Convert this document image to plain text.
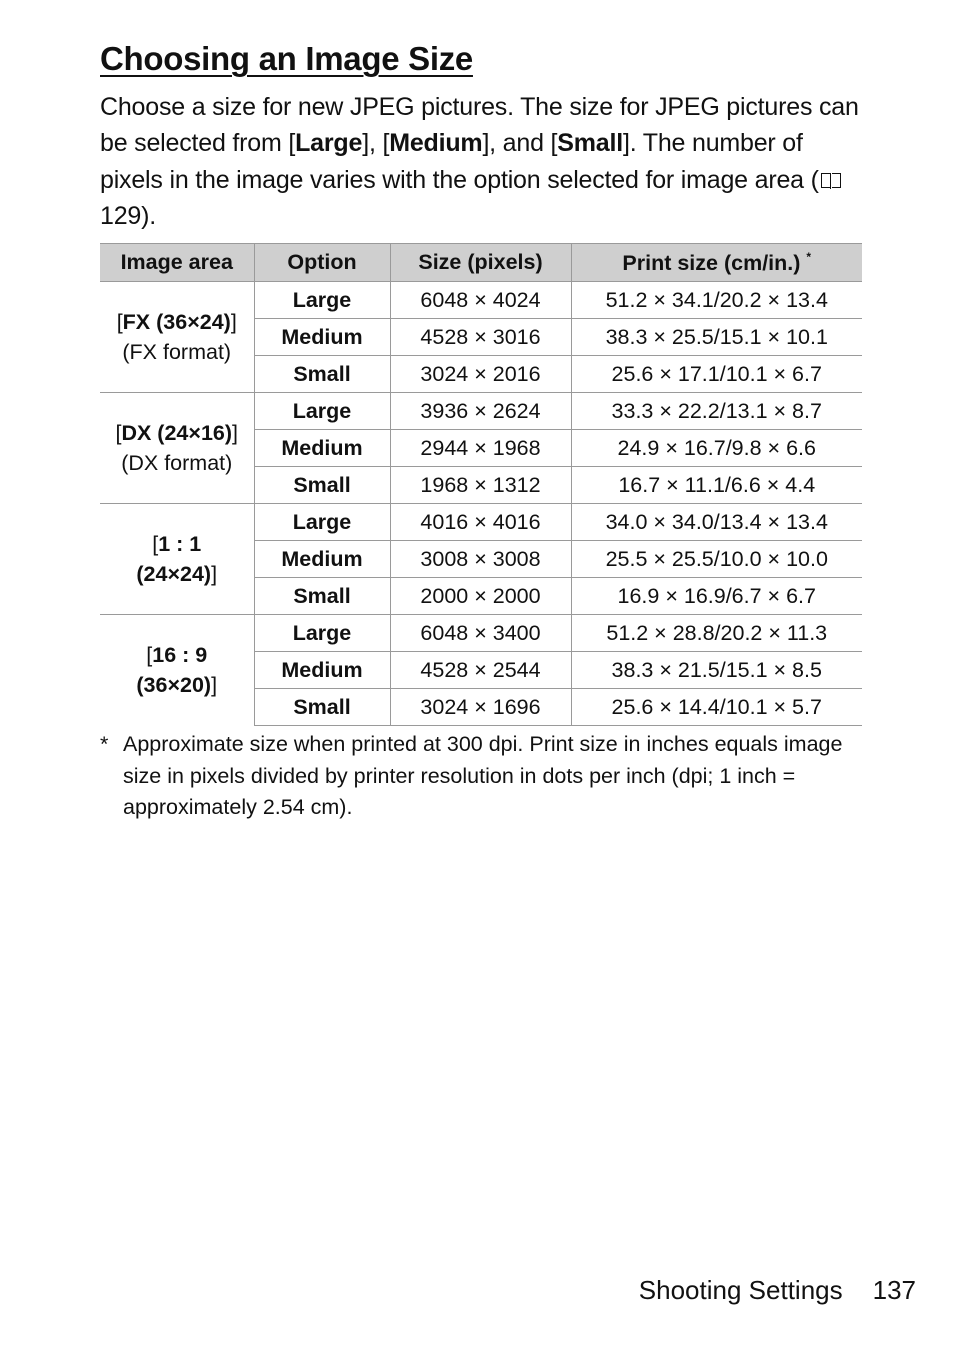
Choosing an Image Size

Choose a size for new JPEG pictures. The size for JPEG pictures can be selected from [Large], [Medium], and [Small]. The number of pixels in the image varies with the option selected for image area (
129).

Image area	Option	Size (pixels)	Print size (cm/in.) *
[FX (36×24)]
(FX format)	Large	6048 × 4024	51.2 × 34.1/20.2 × 13.4
	Medium	4528 × 3016	38.3 × 25.5/15.1 × 10.1
	Small	3024 × 2016	25.6 × 17.1/10.1 × 6.7
[DX (24×16)]
(DX format)	Large	3936 × 2624	33.3 × 22.2/13.1 × 8.7
	Medium	2944 × 1968	24.9 × 16.7/9.8 × 6.6
	Small	1968 × 1312	16.7 × 11.1/6.6 × 4.4
[1 : 1
(24×24)]	Large	4016 × 4016	34.0 × 34.0/13.4 × 13.4
	Medium	3008 × 3008	25.5 × 25.5/10.0 × 10.0
	Small	2000 × 2000	16.9 × 16.9/6.7 × 6.7
[16 : 9
(36×20)]	Large	6048 × 3400	51.2 × 28.8/20.2 × 11.3
	Medium	4528 × 2544	38.3 × 21.5/15.1 × 8.5
	Small	3024 × 1696	25.6 × 14.4/10.1 × 5.7
* Approximate size when printed at 300 dpi. Print size in inches equals image size in pixels divided by printer resolution in dots per inch (dpi; 1 inch = approximately 2.54 cm).
Shooting Settings 137
